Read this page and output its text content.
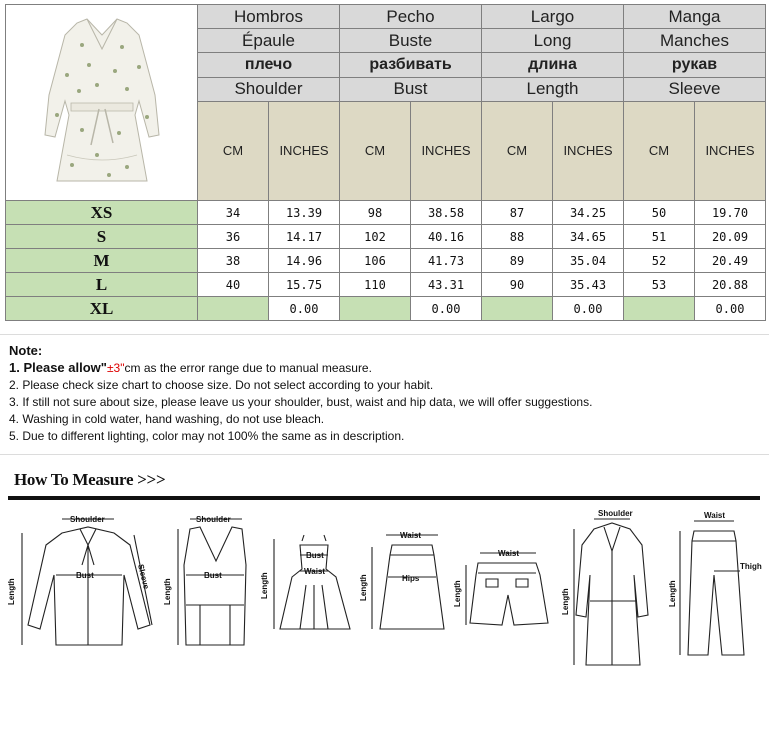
	Hombros		Pecho		Largo		Manga	
	Épaule		Buste		Long		Manches	
	плечо		разбивать		длина		рукав	
	Shoulder		Bust		Length		Sleeve	
	CM	INCHES	CM	INCHES	CM	INCHES	CM	INCHES
XS	34	13.39	98	38.58	87	34.25	50	19.70
S	36	14.17	102	40.16	88	34.65	51	20.09
M	38	14.96	106	41.73	89	35.04	52	20.49
L	40	15.75	110	43.31	90	35.43	53	20.88
XL		0.00		0.00		0.00		0.00
Note:
1. Please allow"±3"cm as the error range due to manual measure.
2. Please check size chart to choose size. Do not select according to your habit.
3. If still not sure about size, please leave us your shoulder, bust, waist and hip data, we will offer suggestions.
4. Washing in cold water, hand washing, do not use bleach.
5. Due to different lighting, color may not 100% the same as in description.
How To Measure >>>
Shoulder
Bust
Length
Sleeve
Shoulder
Bust
Length
Bust
Waist
Length
Waist
Hips
Length
Waist
Length
Shoulder
Length
Waist
Thigh
Length
